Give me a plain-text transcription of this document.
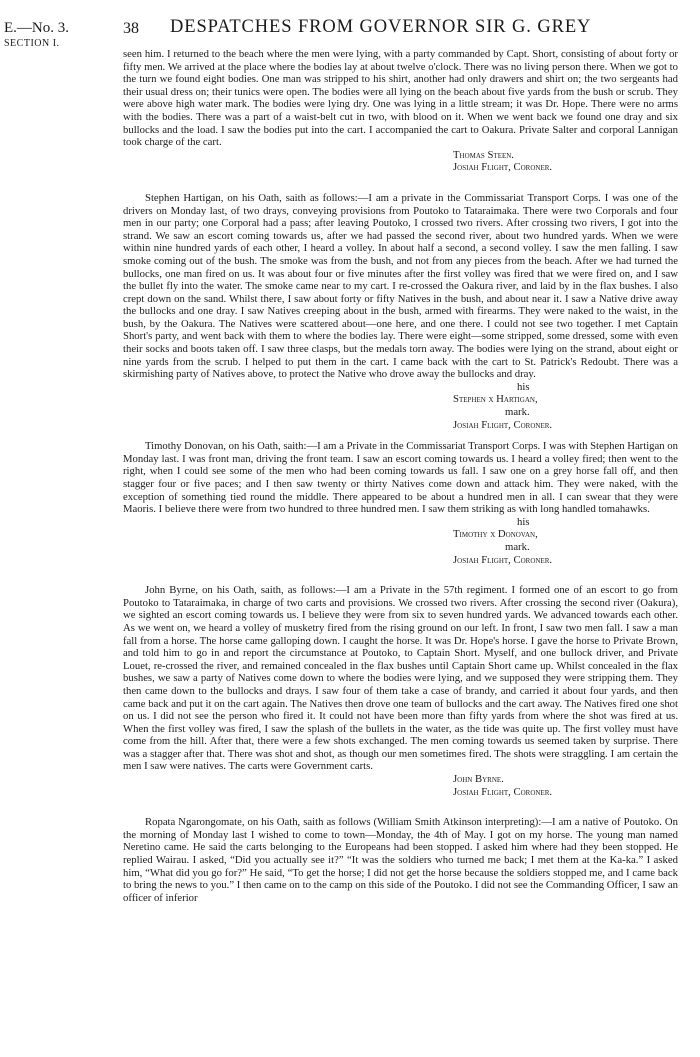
E.—No. 3.
SECTION I.
38 DESPATCHES FROM GOVERNOR SIR G. GREY

seen him. I returned to the beach where the men were lying, with a party commanded by Capt. Short, consisting of about forty or fifty men. We arrived at the place where the bodies lay at about twelve o'clock. There was no living person there. When we got to the turn we found eight bodies. One man was stripped to his shirt, another had only drawers and shirt on; the two sergeants had their usual dress on; their tunics were open. The bodies were all lying on the beach about five yards from the bush or scrub. They were above high water mark. The bodies were lying dry. One was lying in a little stream; it was Dr. Hope. There were no arms with the bodies. There was a part of a waist-belt cut in two, with blood on it. When we went back we found one dray and six bullocks and the load. I saw the bodies put into the cart. I accompanied the cart to Oakura. Private Salter and corporal Lannigan took charge of the cart.

Thomas Steen.
Josiah Flight, Coroner.

Stephen Hartigan, on his Oath, saith as follows:—I am a private in the Commissariat Transport Corps. I was one of the drivers on Monday last, of two drays, conveying provisions from Poutoko to Tataraimaka. There were two Corporals and four men in our party; one Corporal had a pass; after leaving Poutoko, I crossed two rivers. After crossing two rivers, I got into the strand. We saw an escort coming towards us, after we had passed the second river, about two hundred yards. When we were within nine hundred yards of each other, I heard a volley. In about half a second, a second volley. I saw the men falling. I saw smoke coming out of the bush. The smoke was from the bush, and not from any pieces from the beach. After we had turned the bullocks, one man fired on us. It was about four or five minutes after the first volley was fired that we were fired on, and I saw the bullet fly into the water. The smoke came near to my cart. I re-crossed the Oakura river, and laid by in the flax bushes. I also crept down on the sand. Whilst there, I saw about forty or fifty Natives in the bush, and about near it. I saw a Native drive away the bullocks and one dray. I saw Natives creeping about in the bush, armed with firearms. They were naked to the waist, in the bush, by the Oakura. The Natives were scattered about—one here, and one there. I could not see two together. I met Captain Short's party, and went back with them to where the bodies lay. There were eight—some stripped, some dressed, some with even their socks and boots taken off. I saw three clasps, but the medals torn away. The bodies were lying on the strand, about eight or nine yards from the scrub. I helped to put them in the cart. I came back with the cart to St. Patrick's Redoubt. There was a skirmishing party of Natives above, to protect the Native who drove away the bullocks and dray.

his
Stephen x Hartigan,
mark.
Josiah Flight, Coroner.

Timothy Donovan, on his Oath, saith:—I am a Private in the Commissariat Transport Corps. I was with Stephen Hartigan on Monday last. I was front man, driving the front team. I saw an escort coming towards us. I heard a volley fired; then went to the right, when I could see some of the men who had been coming towards us fall. I saw one on a grey horse fall off, and then stagger four or five paces; and I then saw twenty or thirty Natives come down and attack him. They were naked, with the exception of something tied round the middle. There appeared to be about a hundred men in all. I can swear that they were Maoris. I believe there were from two hundred to three hundred men. I saw them striking as with long handled tomahawks.

his
Timothy x Donovan,
mark.
Josiah Flight, Coroner.

John Byrne, on his Oath, saith, as follows:—I am a Private in the 57th regiment. I formed one of an escort to go from Poutoko to Tataraimaka, in charge of two carts and provisions. We crossed two rivers. After crossing the second river (Oakura), we sighted an escort coming towards us. I believe they were from six to seven hundred yards. We advanced towards each other. As we went on, we heard a volley of musketry fired from the rising ground on our left. In front, I saw two men fall. I saw a man fall from a horse. The horse came galloping down. I caught the horse. It was Dr. Hope's horse. I gave the horse to Private Brown, and told him to go in and report the circumstance at Poutoko, to Captain Short. Myself, and one bullock driver, and Private Louet, re-crossed the river, and remained concealed in the flax bushes until Captain Short came up. Whilst concealed in the flax bushes, we saw a party of Natives come down to where the bodies were lying, and we supposed they were stripping them. They then came down to the bullocks and drays. I saw four of them take a case of brandy, and carried it about four yards, and then came back and put it on the cart again. The Natives then drove one team of bullocks and the cart away. The Natives fired one shot on us. I did not see the person who fired it. It could not have been more than fifty yards from where the shot was fired at us. When the first volley was fired, I saw the splash of the bullets in the water, as the tide was quite up. The first volley must have come from the hill. After that, there were a few shots exchanged. The men coming towards us seemed taken by surprise. There was a stagger after that. There was shot and shot, as though our men sometimes fired. The shots were straggling. I am certain the men I saw were natives. The carts were Government carts.

John Byrne.
Josiah Flight, Coroner.

Ropata Ngarongomate, on his Oath, saith as follows (William Smith Atkinson interpreting):—I am a native of Poutoko. On the morning of Monday last I wished to come to town—Monday, the 4th of May. I got on my horse. The young man named Neretino came. He said the carts belonging to the Europeans had been stopped. I asked him where had they been stopped. He replied Wairau. I asked, “Did you actually see it?” “It was the soldiers who turned me back; I met them at the Ka-ka.” I asked him, “What did you go for?” He said, “To get the horse; I did not get the horse because the soldiers stopped me, and I came back to bring the news to you.” I then came on to the camp on this side of the Poutoko. I did not see the Commanding Officer, I saw an officer of inferior
